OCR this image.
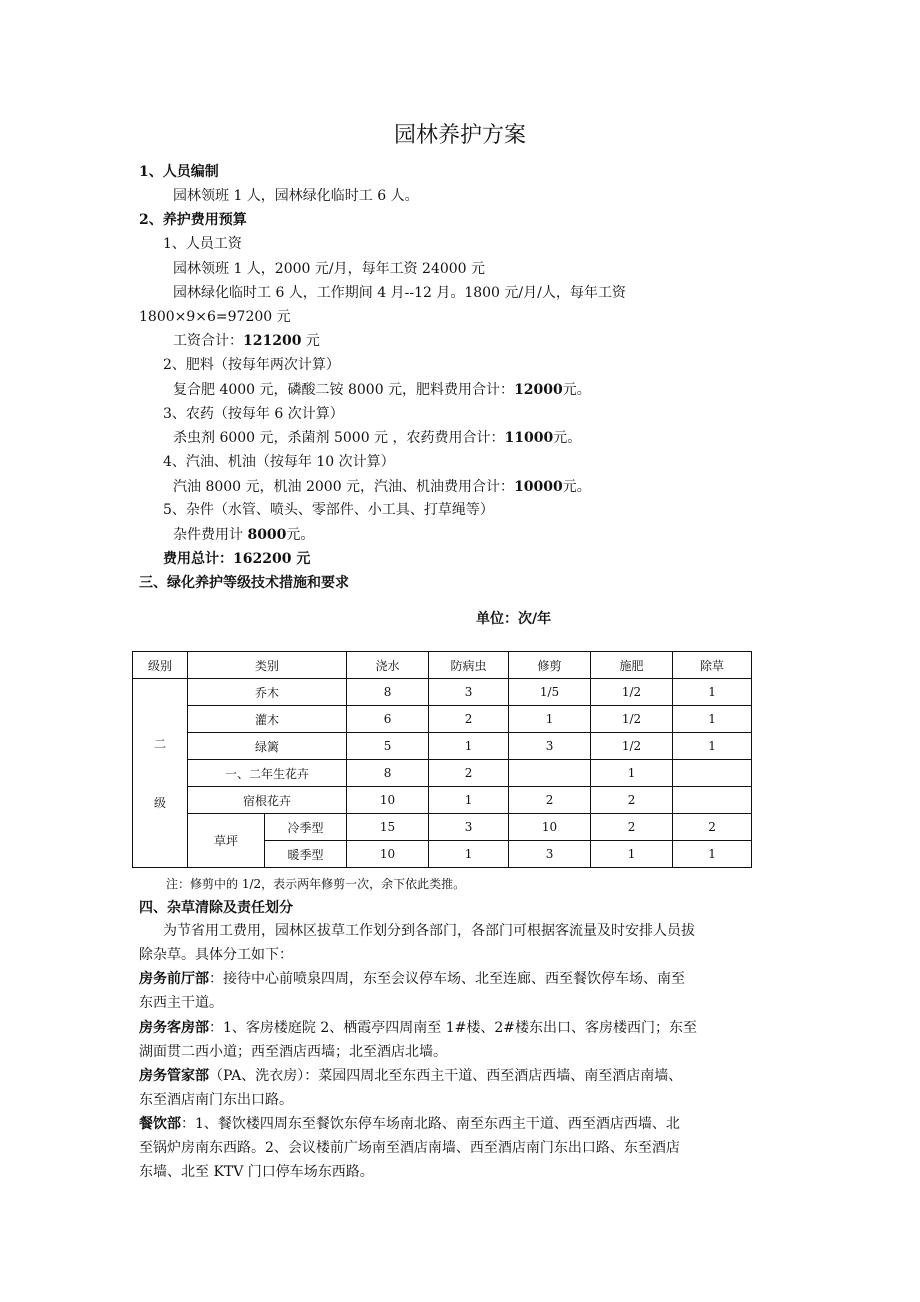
园林养护方案
1、人员编制
园林领班 1 人，园林绿化临时工 6 人。
2、养护费用预算
1、人员工资
园林领班 1 人，2000 元/月，每年工资 24000 元
园林绿化临时工 6 人，工作期间 4 月--12 月。1800 元/月/人，每年工资
1800×9×6=97200 元
工资合计：121200 元
2、肥料（按每年两次计算）
复合肥 4000 元，磷酸二铵 8000 元，肥料费用合计：12000元。
3、农药（按每年 6 次计算）
杀虫剂 6000 元，杀菌剂 5000 元 ，农药费用合计：11000元。
4、汽油、机油（按每年 10 次计算）
汽油 8000 元，机油 2000 元，汽油、机油费用合计：10000元。
5、杂件（水管、喷头、零部件、小工具、打草绳等）
杂件费用计 8000元。
费用总计：162200 元
三、绿化养护等级技术措施和要求
单位：次/年
级别	类别		浇水	防病虫	修剪	施肥	除草

二
级	乔木		8	3	1/5	1/2	1
	灌木		6	2	1	1/2	1
	绿篱		5	1	3	1/2	1
	一、二年生花卉		8	2		1	
	宿根花卉		10	1	2	2	
	草坪	冷季型	15	3	10	2	2
		暖季型	10	1	3	1	1
注：修剪中的 1/2，表示两年修剪一次，余下依此类推。
四、杂草清除及责任划分
为节省用工费用，园林区拔草工作划分到各部门，各部门可根据客流量及时安排人员拔
除杂草。具体分工如下：
房务前厅部：接待中心前喷泉四周，东至会议停车场、北至连廊、西至餐饮停车场、南至
东西主干道。
房务客房部：1、客房楼庭院 2、栖霞亭四周南至 1#楼、2#楼东出口、客房楼西门；东至
湖面贯二西小道；西至酒店西墙；北至酒店北墙。
房务管家部（PA、洗衣房）：菜园四周北至东西主干道、西至酒店西墙、南至酒店南墙、
东至酒店南门东出口路。
餐饮部：1、餐饮楼四周东至餐饮东停车场南北路、南至东西主干道、西至酒店西墙、北
至锅炉房南东西路。2、会议楼前广场南至酒店南墙、西至酒店南门东出口路、东至酒店
东墙、北至 KTV 门口停车场东西路。
